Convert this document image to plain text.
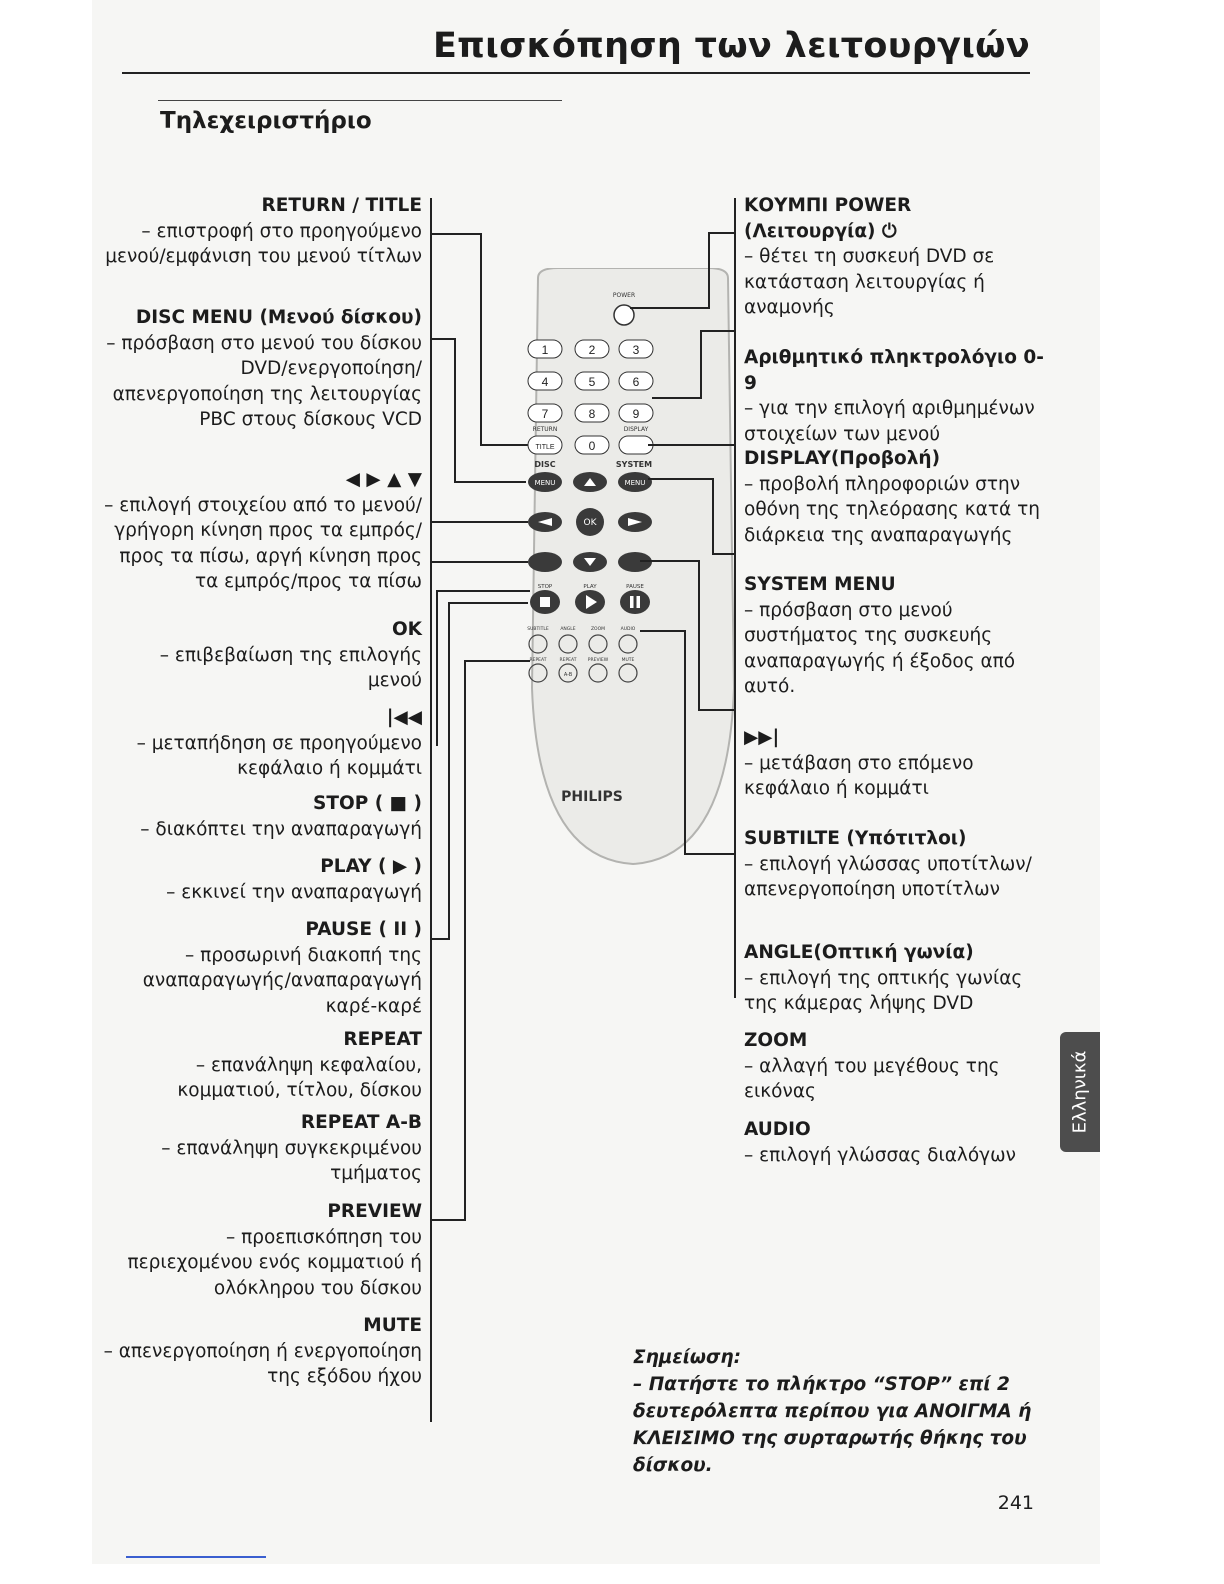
Επισκόπηση των λειτουργιών
Τηλεχειριστήριο
RETURN / TITLE
– επιστροφή στο προηγούμενο μενού/εμφάνιση του μενού τίτλων
DISC MENU (Μενού δίσκου)
– πρόσβαση στο μενού του δίσκου DVD/ενεργοποίηση/απενεργοποίηση της λειτουργίας PBC στους δίσκους VCD
◀ ▶ ▲ ▼
– επιλογή στοιχείου από το μενού/ γρήγορη κίνηση προς τα εμπρός/προς τα πίσω, αργή κίνηση προς τα εμπρός/προς τα πίσω
OK
– επιβεβαίωση της επιλογής μενού
|◀◀
– μεταπήδηση σε προηγούμενο κεφάλαιο ή κομμάτι
STOP ( ■ )
– διακόπτει την αναπαραγωγή
PLAY ( ▶ )
– εκκινεί την αναπαραγωγή
PAUSE ( II )
– προσωρινή διακοπή της αναπαραγωγής/αναπαραγωγή καρέ-καρέ
REPEAT
– επανάληψη κεφαλαίου, κομματιού, τίτλου, δίσκου
REPEAT A-B
– επανάληψη συγκεκριμένου τμήματος
PREVIEW
– προεπισκόπηση του περιεχομένου ενός κομματιού ή ολόκληρου του δίσκου
MUTE
– απενεργοποίηση ή ενεργοποίηση της εξόδου ήχου
POWER
1	2	3
4	5	6
7	8	9
TITLE	0
RETURN	DISPLAY
DISC	SYSTEM
MENU	MENU
OK
STOP	PLAY	PAUSE
SUBTITLE	ANGLE	ZOOM	AUDIO
REPEAT	REPEAT	PREVIEW	MUTE
A-B
PHILIPS
ΚΟΥΜΠΙ POWER (Λειτουργία) ⏻
– θέτει τη συσκευή DVD σε κατάσταση λειτουργίας ή αναμονής
Αριθμητικό πληκτρολόγιο 0-9
– για την επιλογή αριθμημένων στοιχείων των μενού
DISPLAY(Προβολή)
– προβολή πληροφοριών στην οθόνη της τηλεόρασης κατά τη διάρκεια της αναπαραγωγής
SYSTEM MENU
– πρόσβαση στο μενού συστήματος της συσκευής αναπαραγωγής ή έξοδος από αυτό.
▶▶|
– μετάβαση στο επόμενο κεφάλαιο ή κομμάτι
SUBTILTE (Υπότιτλοι)
– επιλογή γλώσσας υποτίτλων/απενεργοποίηση υποτίτλων
ANGLE(Οπτική γωνία)
– επιλογή της οπτικής γωνίας της κάμερας λήψης DVD
ZOOM
– αλλαγή του μεγέθους της εικόνας
AUDIO
– επιλογή γλώσσας διαλόγων
Ελληνικά
Σημείωση:
– Πατήστε το πλήκτρο “STOP” επί 2 δευτερόλεπτα περίπου για ΑΝΟΙΓΜΑ ή ΚΛΕΙΣΙΜΟ της συρταρωτής θήκης του δίσκου.
241
